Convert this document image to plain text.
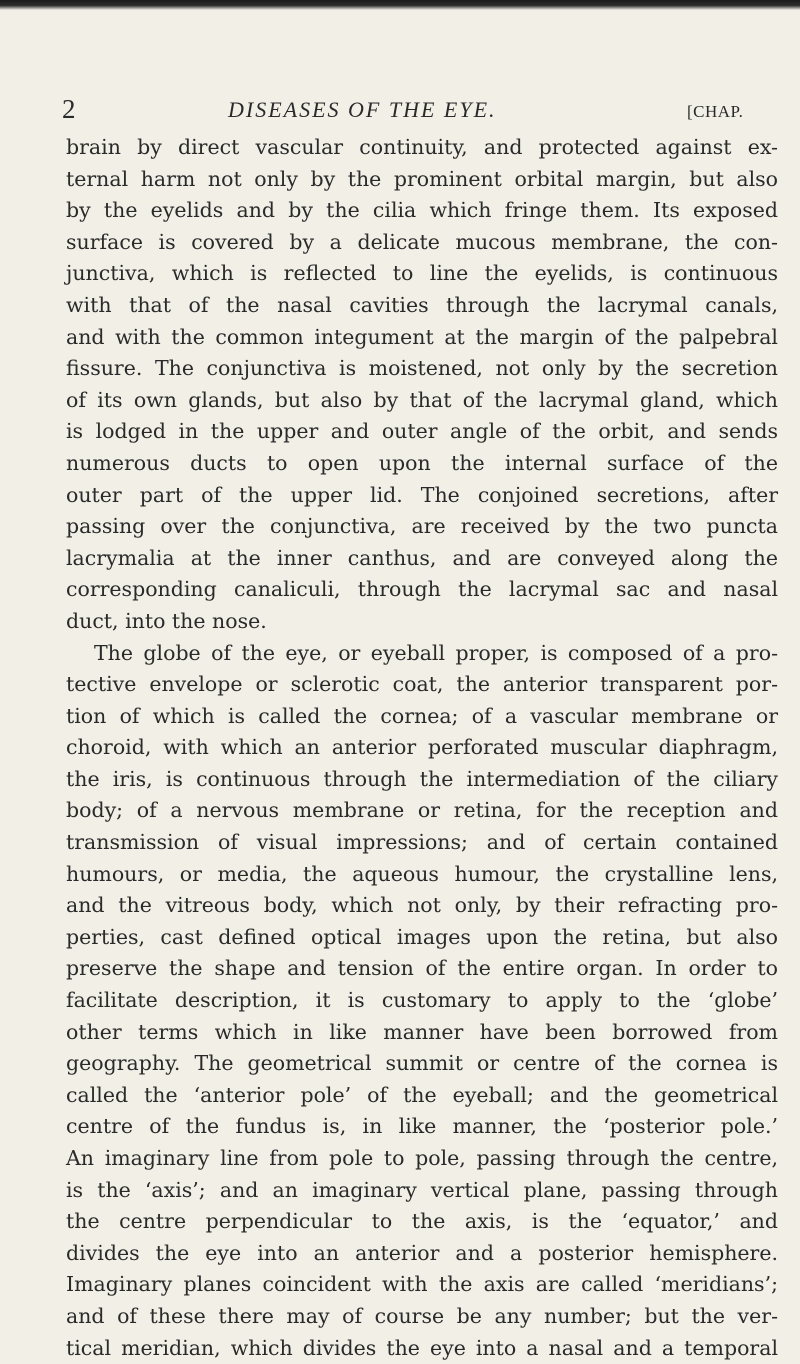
2	DISEASES OF THE EYE.	[CHAP.
brain by direct vascular continuity, and protected against ex-
ternal harm not only by the prominent orbital margin, but also
by the eyelids and by the cilia which fringe them. Its exposed
surface is covered by a delicate mucous membrane, the con-
junctiva, which is reflected to line the eyelids, is continuous
with that of the nasal cavities through the lacrymal canals,
and with the common integument at the margin of the palpebral
fissure. The conjunctiva is moistened, not only by the secretion
of its own glands, but also by that of the lacrymal gland, which
is lodged in the upper and outer angle of the orbit, and sends
numerous ducts to open upon the internal surface of the
outer part of the upper lid. The conjoined secretions, after
passing over the conjunctiva, are received by the two puncta
lacrymalia at the inner canthus, and are conveyed along the
corresponding canaliculi, through the lacrymal sac and nasal
duct, into the nose.
The globe of the eye, or eyeball proper, is composed of a pro-
tective envelope or sclerotic coat, the anterior transparent por-
tion of which is called the cornea; of a vascular membrane or
choroid, with which an anterior perforated muscular diaphragm,
the iris, is continuous through the intermediation of the ciliary
body; of a nervous membrane or retina, for the reception and
transmission of visual impressions; and of certain contained
humours, or media, the aqueous humour, the crystalline lens,
and the vitreous body, which not only, by their refracting pro-
perties, cast defined optical images upon the retina, but also
preserve the shape and tension of the entire organ. In order to
facilitate description, it is customary to apply to the ‘globe’
other terms which in like manner have been borrowed from
geography. The geometrical summit or centre of the cornea is
called the ‘anterior pole’ of the eyeball; and the geometrical
centre of the fundus is, in like manner, the ‘posterior pole.’
An imaginary line from pole to pole, passing through the centre,
is the ‘axis’; and an imaginary vertical plane, passing through
the centre perpendicular to the axis, is the ‘equator,’ and
divides the eye into an anterior and a posterior hemisphere.
Imaginary planes coincident with the axis are called ‘meridians’;
and of these there may of course be any number; but the ver-
tical meridian, which divides the eye into a nasal and a temporal
